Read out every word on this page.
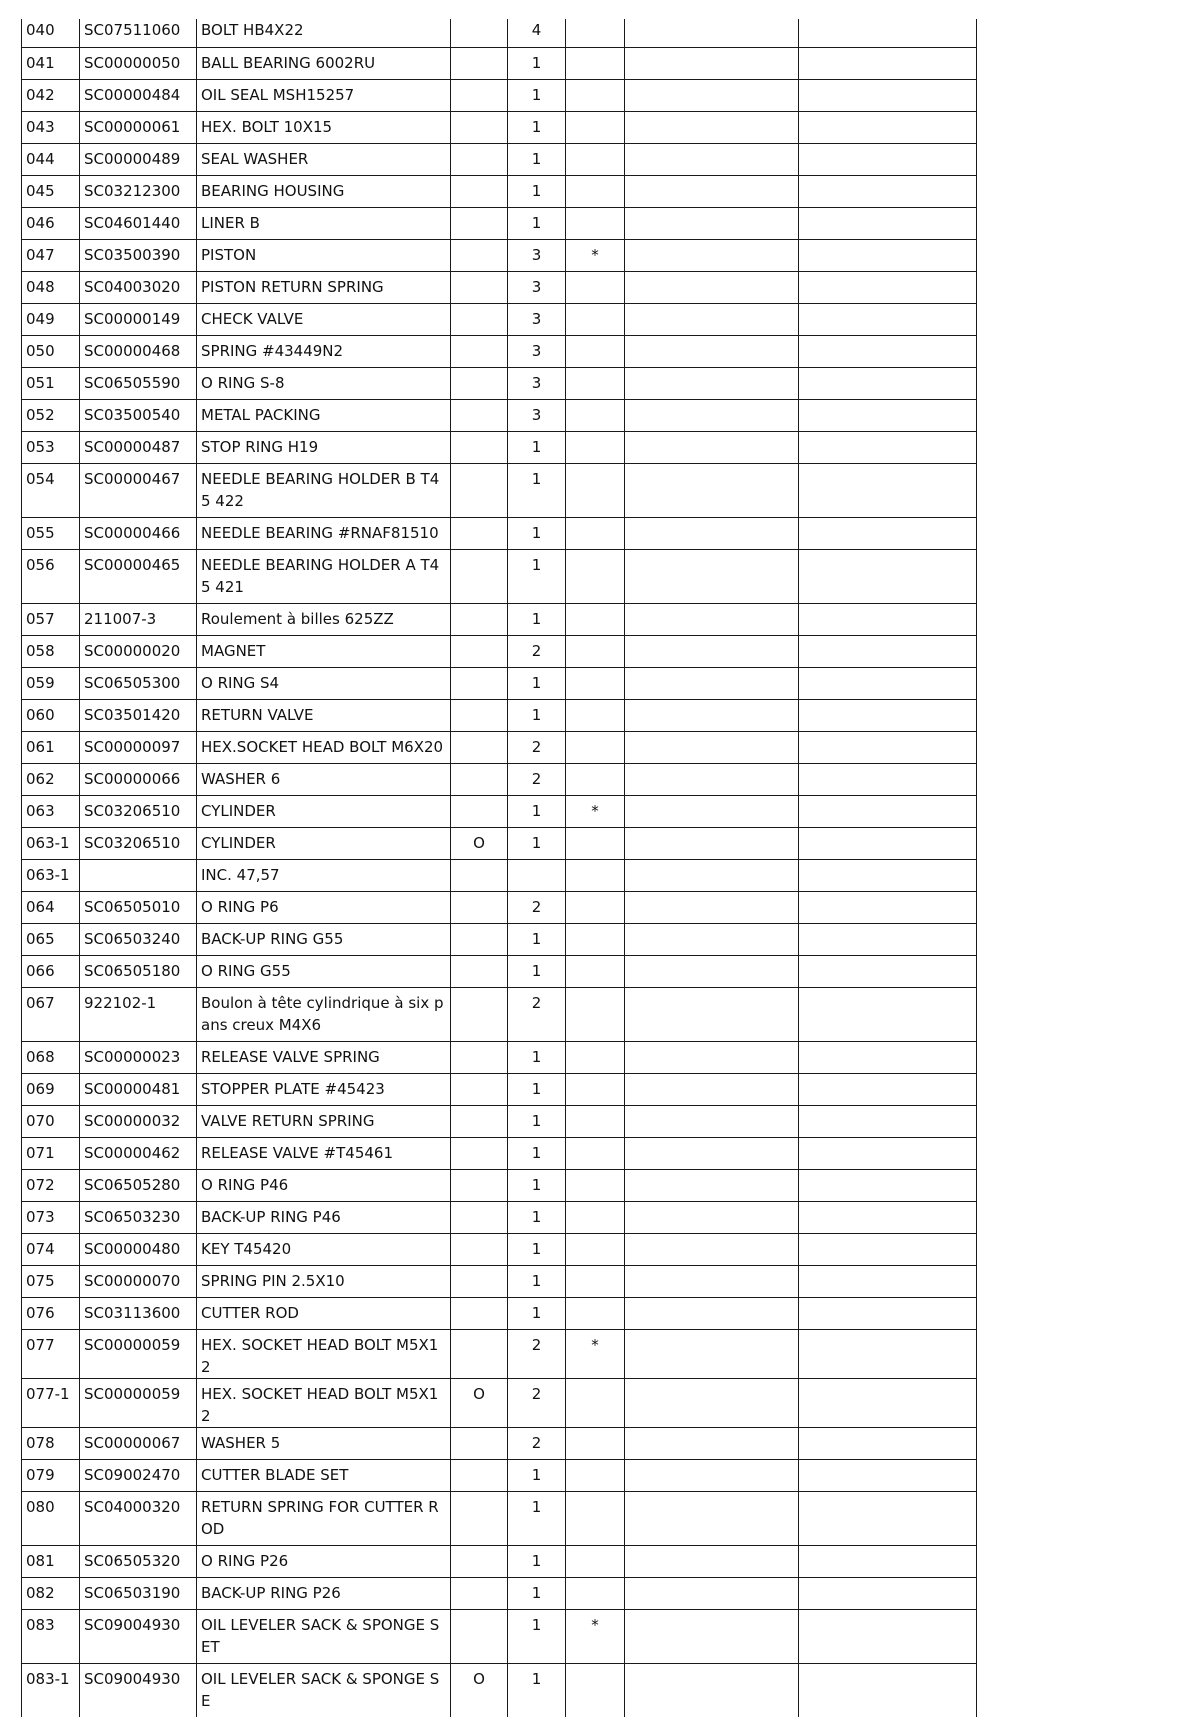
040	SC07511060	BOLT HB4X22		4			
041	SC00000050	BALL BEARING 6002RU		1			
042	SC00000484	OIL SEAL MSH15257		1			
043	SC00000061	HEX. BOLT 10X15		1			
044	SC00000489	SEAL WASHER		1			
045	SC03212300	BEARING HOUSING		1			
046	SC04601440	LINER B		1			
047	SC03500390	PISTON		3	*		
048	SC04003020	PISTON RETURN SPRING		3			
049	SC00000149	CHECK VALVE		3			
050	SC00000468	SPRING #43449N2		3			
051	SC06505590	O RING S-8		3			
052	SC03500540	METAL PACKING		3			
053	SC00000487	STOP RING H19		1			
054	SC00000467	NEEDLE BEARING HOLDER B T45 422		1			
055	SC00000466	NEEDLE BEARING #RNAF81510		1			
056	SC00000465	NEEDLE BEARING HOLDER A T45 421		1			
057	211007-3	Roulement à billes 625ZZ		1			
058	SC00000020	MAGNET		2			
059	SC06505300	O RING S4		1			
060	SC03501420	RETURN VALVE		1			
061	SC00000097	HEX.SOCKET HEAD BOLT M6X20		2			
062	SC00000066	WASHER 6		2			
063	SC03206510	CYLINDER		1	*		
063-1	SC03206510	CYLINDER	O	1			
063-1		INC. 47,57					
064	SC06505010	O RING P6		2			
065	SC06503240	BACK-UP RING G55		1			
066	SC06505180	O RING G55		1			
067	922102-1	Boulon à tête cylindrique à six pans creux M4X6		2			
068	SC00000023	RELEASE VALVE SPRING		1			
069	SC00000481	STOPPER PLATE #45423		1			
070	SC00000032	VALVE RETURN SPRING		1			
071	SC00000462	RELEASE VALVE #T45461		1			
072	SC06505280	O RING P46		1			
073	SC06503230	BACK-UP RING P46		1			
074	SC00000480	KEY T45420		1			
075	SC00000070	SPRING PIN 2.5X10		1			
076	SC03113600	CUTTER ROD		1			
077	SC00000059	HEX. SOCKET HEAD BOLT M5X12		2	*		
077-1	SC00000059	HEX. SOCKET HEAD BOLT M5X12	O	2			
078	SC00000067	WASHER 5		2			
079	SC09002470	CUTTER BLADE SET		1			
080	SC04000320	RETURN SPRING FOR CUTTER ROD		1			
081	SC06505320	O RING P26		1			
082	SC06503190	BACK-UP RING P26		1			
083	SC09004930	OIL LEVELER SACK & SPONGE SET		1	*		
083-1	SC09004930	OIL LEVELER SACK & SPONGE SE	O	1			
